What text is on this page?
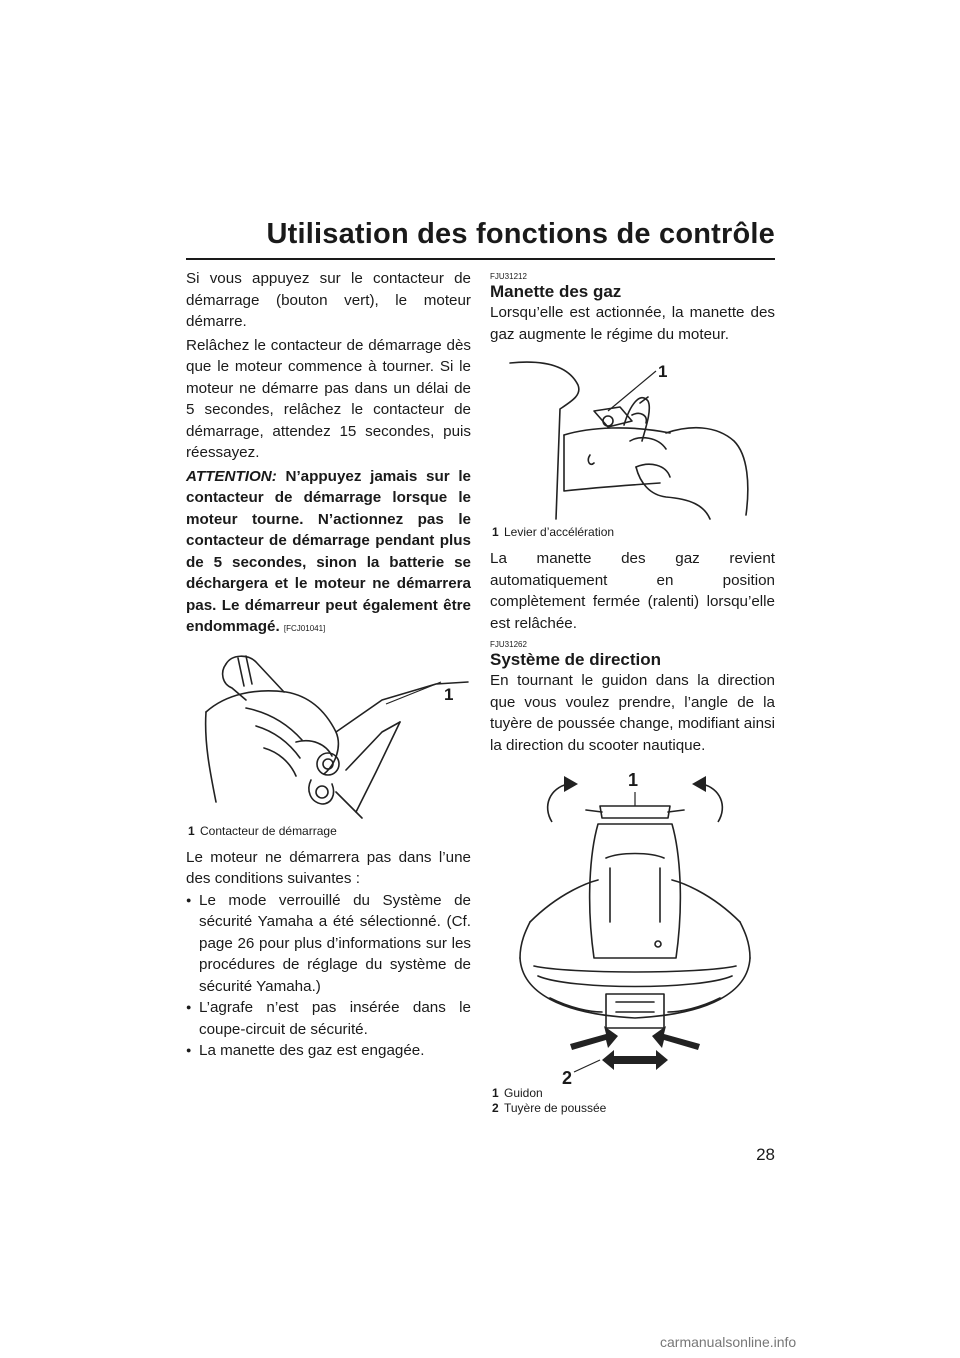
Utilisation des fonctions de contrôle

Si vous appuyez sur le contacteur de démarrage (bouton vert), le moteur démarre.

Relâchez le contacteur de démarrage dès que le moteur commence à tourner. Si le moteur ne démarre pas dans un délai de 5 secondes, relâchez le contacteur de démarrage, attendez 15 secondes, puis réessayez.

ATTENTION: N’appuyez jamais sur le contacteur de démarrage lorsque le moteur tourne. N’actionnez pas le contacteur de démarrage pendant plus de 5 secondes, sinon la batterie se déchargera et le moteur ne démarrera pas. Le démarreur peut également être endommagé. [FCJ01041]

1
1 Contacteur de démarrage

Le moteur ne démarrera pas dans l’une des conditions suivantes :

● Le mode verrouillé du Système de sécurité Yamaha a été sélectionné. (Cf. page 26 pour plus d’informations sur les procédures de réglage du système de sécurité Yamaha.)
● L’agrafe n’est pas insérée dans le coupe-circuit de sécurité.
● La manette des gaz est engagée.
FJU31212
Manette des gaz

Lorsqu’elle est actionnée, la manette des gaz augmente le régime du moteur.

1
1 Levier d’accélération

La manette des gaz revient automatiquement en position complètement fermée (ralenti) lorsqu’elle est relâchée.

FJU31262
Système de direction

En tournant le guidon dans la direction que vous voulez prendre, l’angle de la tuyère de poussée change, modifiant ainsi la direction du scooter nautique.

1
2
1 Guidon
2 Tuyère de poussée
28
carmanualsonline.info
